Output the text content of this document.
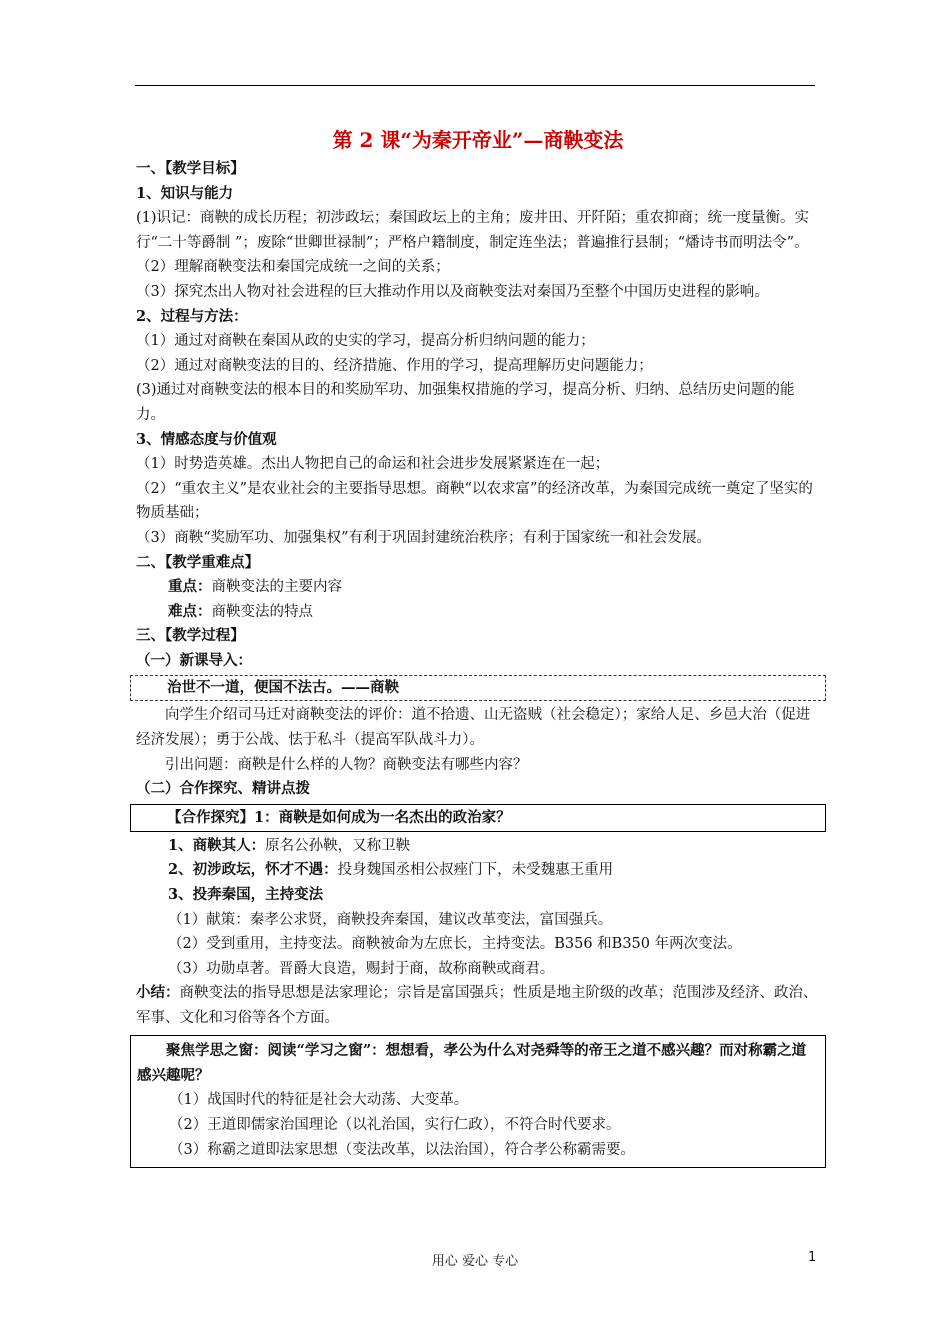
第 2 课“为秦开帝业”—商鞅变法

一、【教学目标】

1、知识与能力

(1)识记：商鞅的成长历程；初涉政坛；秦国政坛上的主角；废井田、开阡陌；重农抑商；统一度量衡。实行“二十等爵制 ”；废除“世卿世禄制”；严格户籍制度，制定连坐法；普遍推行县制；“燔诗书而明法令”。

（2）理解商鞅变法和秦国完成统一之间的关系；

（3）探究杰出人物对社会进程的巨大推动作用以及商鞅变法对秦国乃至整个中国历史进程的影响。

2、过程与方法：

（1）通过对商鞅在秦国从政的史实的学习，提高分析归纳问题的能力；

（2）通过对商鞅变法的目的、经济措施、作用的学习，提高理解历史问题能力；

(3)通过对商鞅变法的根本目的和奖励军功、加强集权措施的学习，提高分析、归纳、总结历史问题的能力。

3、情感态度与价值观

（1）时势造英雄。杰出人物把自己的命运和社会进步发展紧紧连在一起；

（2）“重农主义”是农业社会的主要指导思想。商鞅“以农求富”的经济改革，为秦国完成统一奠定了坚实的物质基础；

（3）商鞅“奖励军功、加强集权”有利于巩固封建统治秩序；有利于国家统一和社会发展。

二、【教学重难点】

重点：商鞅变法的主要内容

难点：商鞅变法的特点

三、【教学过程】

（一）新课导入：

治世不一道，便国不法古。——商鞅

向学生介绍司马迁对商鞅变法的评价：道不拾遗、山无盗贼（社会稳定）；家给人足、乡邑大治（促进经济发展）；勇于公战、怯于私斗（提高军队战斗力）。

引出问题：商鞅是什么样的人物？商鞅变法有哪些内容？

（二）合作探究、精讲点拨

【合作探究】1：商鞅是如何成为一名杰出的政治家？

1、商鞅其人：原名公孙鞅，又称卫鞅

2、初涉政坛，怀才不遇：投身魏国丞相公叔痤门下，未受魏惠王重用

3、投奔秦国，主持变法

（1）献策：秦孝公求贤，商鞅投奔秦国，建议改革变法，富国强兵。

（2）受到重用，主持变法。商鞅被命为左庶长，主持变法。B356 和B350 年两次变法。

（3）功勋卓著。晋爵大良造，赐封于商，故称商鞅或商君。

小结：商鞅变法的指导思想是法家理论；宗旨是富国强兵；性质是地主阶级的改革；范围涉及经济、政治、军事、文化和习俗等各个方面。

聚焦学思之窗：阅读“学习之窗”：想想看，孝公为什么对尧舜等的帝王之道不感兴趣？而对称霸之道感兴趣呢？

（1）战国时代的特征是社会大动荡、大变革。

（2）王道即儒家治国理论（以礼治国，实行仁政），不符合时代要求。

（3）称霸之道即法家思想（变法改革，以法治国），符合孝公称霸需要。

用心 爱心 专心	1
